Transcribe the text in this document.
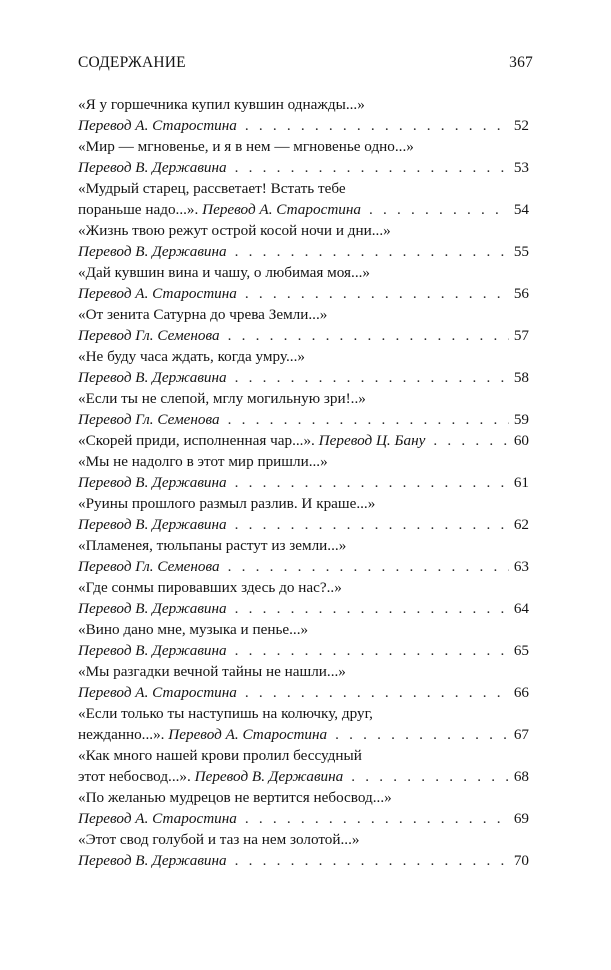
СОДЕРЖАНИЕ	367
«Я у горшечника купил кувшин однажды...»
Перевод А. Старостина . . .	52
«Мир — мгновенье, и я в нем — мгновенье одно...»
Перевод В. Державина . . .	53
«Мудрый старец, рассветает! Встать тебе
пораньше надо...».
Перевод А. Старостина . . .	54
«Жизнь твою режут острой косой ночи и дни...»
Перевод В. Державина . . .	55
«Дай кувшин вина и чашу, о любимая моя...»
Перевод А. Старостина . . .	56
«От зенита Сатурна до чрева Земли...»
Перевод Гл. Семенова . . .	57
«Не буду часа ждать, когда умру...»
Перевод В. Державина . . .	58
«Если ты не слепой, мглу могильную зри!..»
Перевод Гл. Семенова . . .	59
«Скорей приди, исполненная чар...».
Перевод Ц. Бану . . .	60
«Мы не надолго в этот мир пришли...»
Перевод В. Державина . . .	61
«Руины прошлого размыл разлив. И краше...»
Перевод В. Державина . . .	62
«Пламенея, тюльпаны растут из земли...»
Перевод Гл. Семенова . . .	63
«Где сонмы пировавших здесь до нас?..»
Перевод В. Державина . . .	64
«Вино дано мне, музыка и пенье...»
Перевод В. Державина . . .	65
«Мы разгадки вечной тайны не нашли...»
Перевод А. Старостина . . .	66
«Если только ты наступишь на колючку, друг,
нежданно...».
Перевод А. Старостина . . .	67
«Как много нашей крови пролил бессудный
этот небосвод...».
Перевод В. Державина . . .	68
«По желанью мудрецов не вертится небосвод...»
Перевод А. Старостина . . .	69
«Этот свод голубой и таз на нем золотой...»
Перевод В. Державина . . .	70
